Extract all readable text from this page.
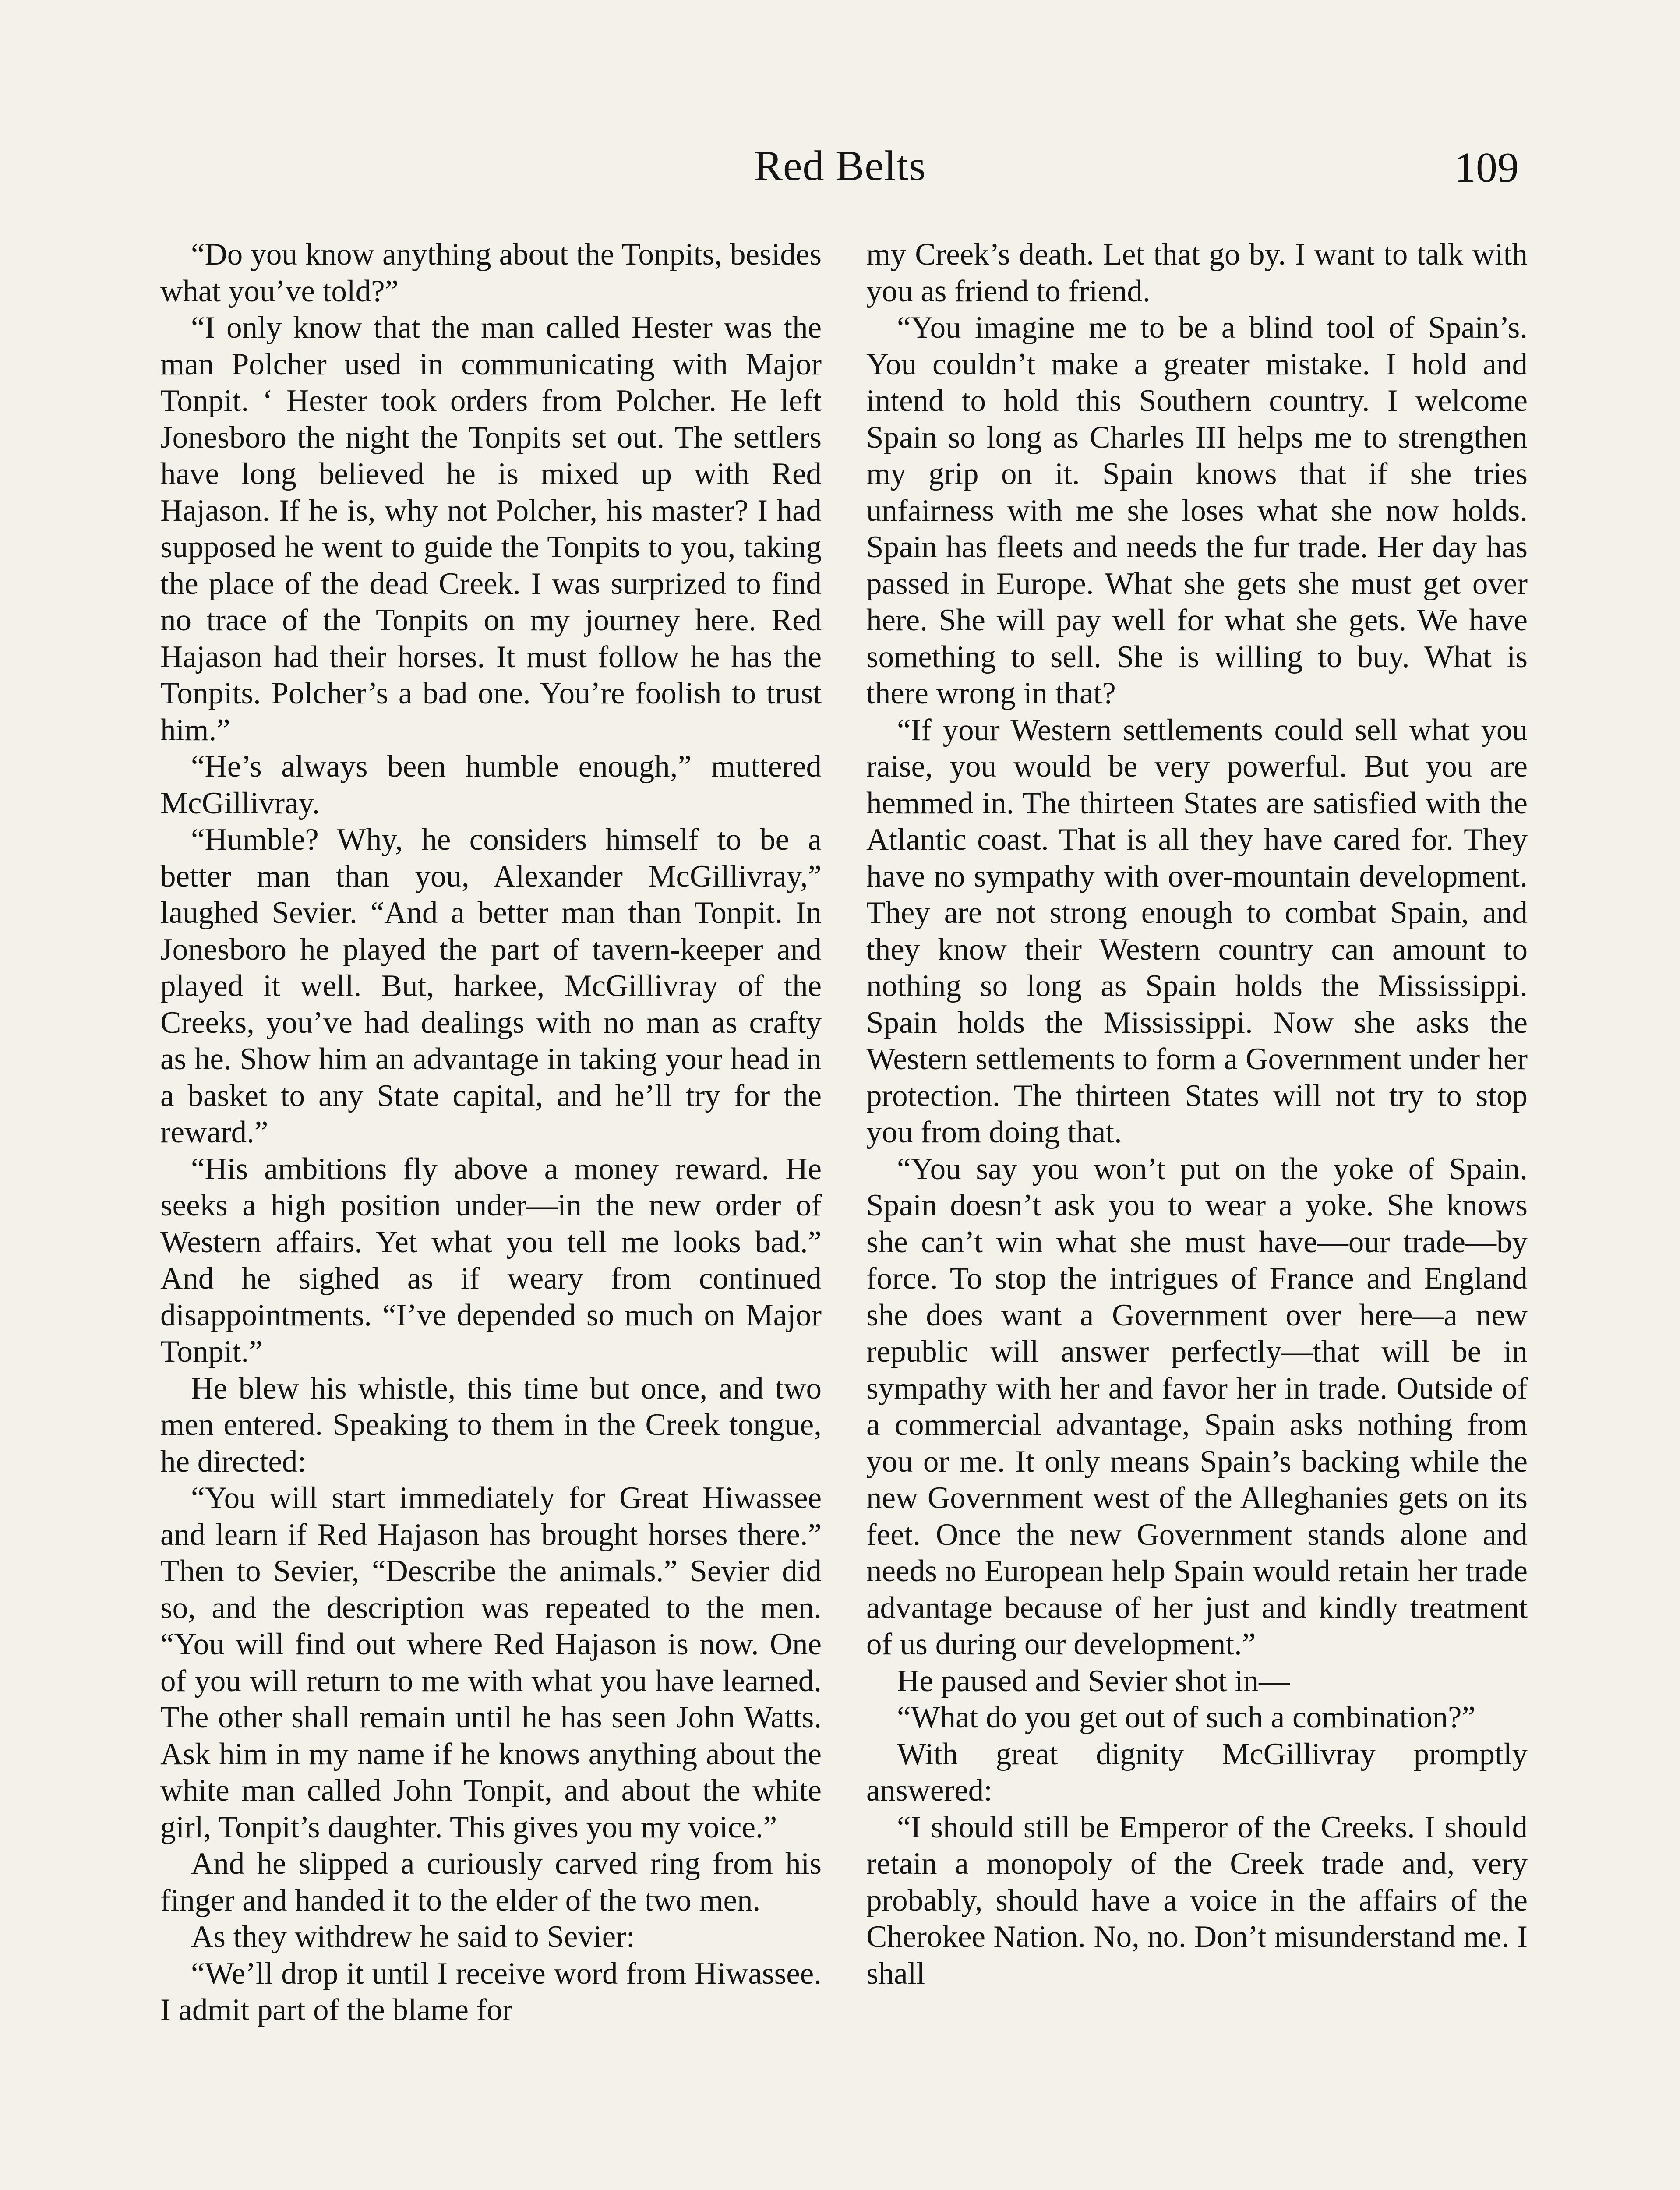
Red Belts	109

“Do you know anything about the Tonpits, besides what you’ve told?”

“I only know that the man called Hester was the man Polcher used in communicating with Major Tonpit. ‘ Hester took orders from Polcher. He left Jonesboro the night the Tonpits set out. The settlers have long believed he is mixed up with Red Hajason. If he is, why not Polcher, his master? I had supposed he went to guide the Tonpits to you, taking the place of the dead Creek. I was surprized to find no trace of the Tonpits on my journey here. Red Hajason had their horses. It must follow he has the Tonpits. Polcher’s a bad one. You’re foolish to trust him.”

“He’s always been humble enough,” muttered McGillivray.

“Humble? Why, he considers himself to be a better man than you, Alexander McGillivray,” laughed Sevier. “And a better man than Tonpit. In Jonesboro he played the part of tavern-keeper and played it well. But, harkee, McGillivray of the Creeks, you’ve had dealings with no man as crafty as he. Show him an advantage in taking your head in a basket to any State capital, and he’ll try for the reward.”

“His ambitions fly above a money reward. He seeks a high position under—in the new order of Western affairs. Yet what you tell me looks bad.” And he sighed as if weary from continued disappointments. “I’ve depended so much on Major Tonpit.”

He blew his whistle, this time but once, and two men entered. Speaking to them in the Creek tongue, he directed:

“You will start immediately for Great Hiwassee and learn if Red Hajason has brought horses there.” Then to Sevier, “Describe the animals.” Sevier did so, and the description was repeated to the men. “You will find out where Red Hajason is now. One of you will return to me with what you have learned. The other shall remain until he has seen John Watts. Ask him in my name if he knows anything about the white man called John Tonpit, and about the white girl, Tonpit’s daughter. This gives you my voice.”

And he slipped a curiously carved ring from his finger and handed it to the elder of the two men.

As they withdrew he said to Sevier:

“We’ll drop it until I receive word from Hiwassee. I admit part of the blame for

my Creek’s death. Let that go by. I want to talk with you as friend to friend.

“You imagine me to be a blind tool of Spain’s. You couldn’t make a greater mistake. I hold and intend to hold this Southern country. I welcome Spain so long as Charles III helps me to strengthen my grip on it. Spain knows that if she tries unfairness with me she loses what she now holds. Spain has fleets and needs the fur trade. Her day has passed in Europe. What she gets she must get over here. She will pay well for what she gets. We have something to sell. She is willing to buy. What is there wrong in that?

“If your Western settlements could sell what you raise, you would be very powerful. But you are hemmed in. The thirteen States are satisfied with the Atlantic coast. That is all they have cared for. They have no sympathy with over-mountain development. They are not strong enough to combat Spain, and they know their Western country can amount to nothing so long as Spain holds the Mississippi. Spain holds the Mississippi. Now she asks the Western settlements to form a Government under her protection. The thirteen States will not try to stop you from doing that.

“You say you won’t put on the yoke of Spain. Spain doesn’t ask you to wear a yoke. She knows she can’t win what she must have—our trade—by force. To stop the intrigues of France and England she does want a Government over here—a new republic will answer perfectly—that will be in sympathy with her and favor her in trade. Outside of a commercial advantage, Spain asks nothing from you or me. It only means Spain’s backing while the new Government west of the Alleghanies gets on its feet. Once the new Government stands alone and needs no European help Spain would retain her trade advantage because of her just and kindly treatment of us during our development.”

He paused and Sevier shot in—

“What do you get out of such a combination?”

With great dignity McGillivray promptly answered:

“I should still be Emperor of the Creeks. I should retain a monopoly of the Creek trade and, very probably, should have a voice in the affairs of the Cherokee Nation. No, no. Don’t misunderstand me. I shall
